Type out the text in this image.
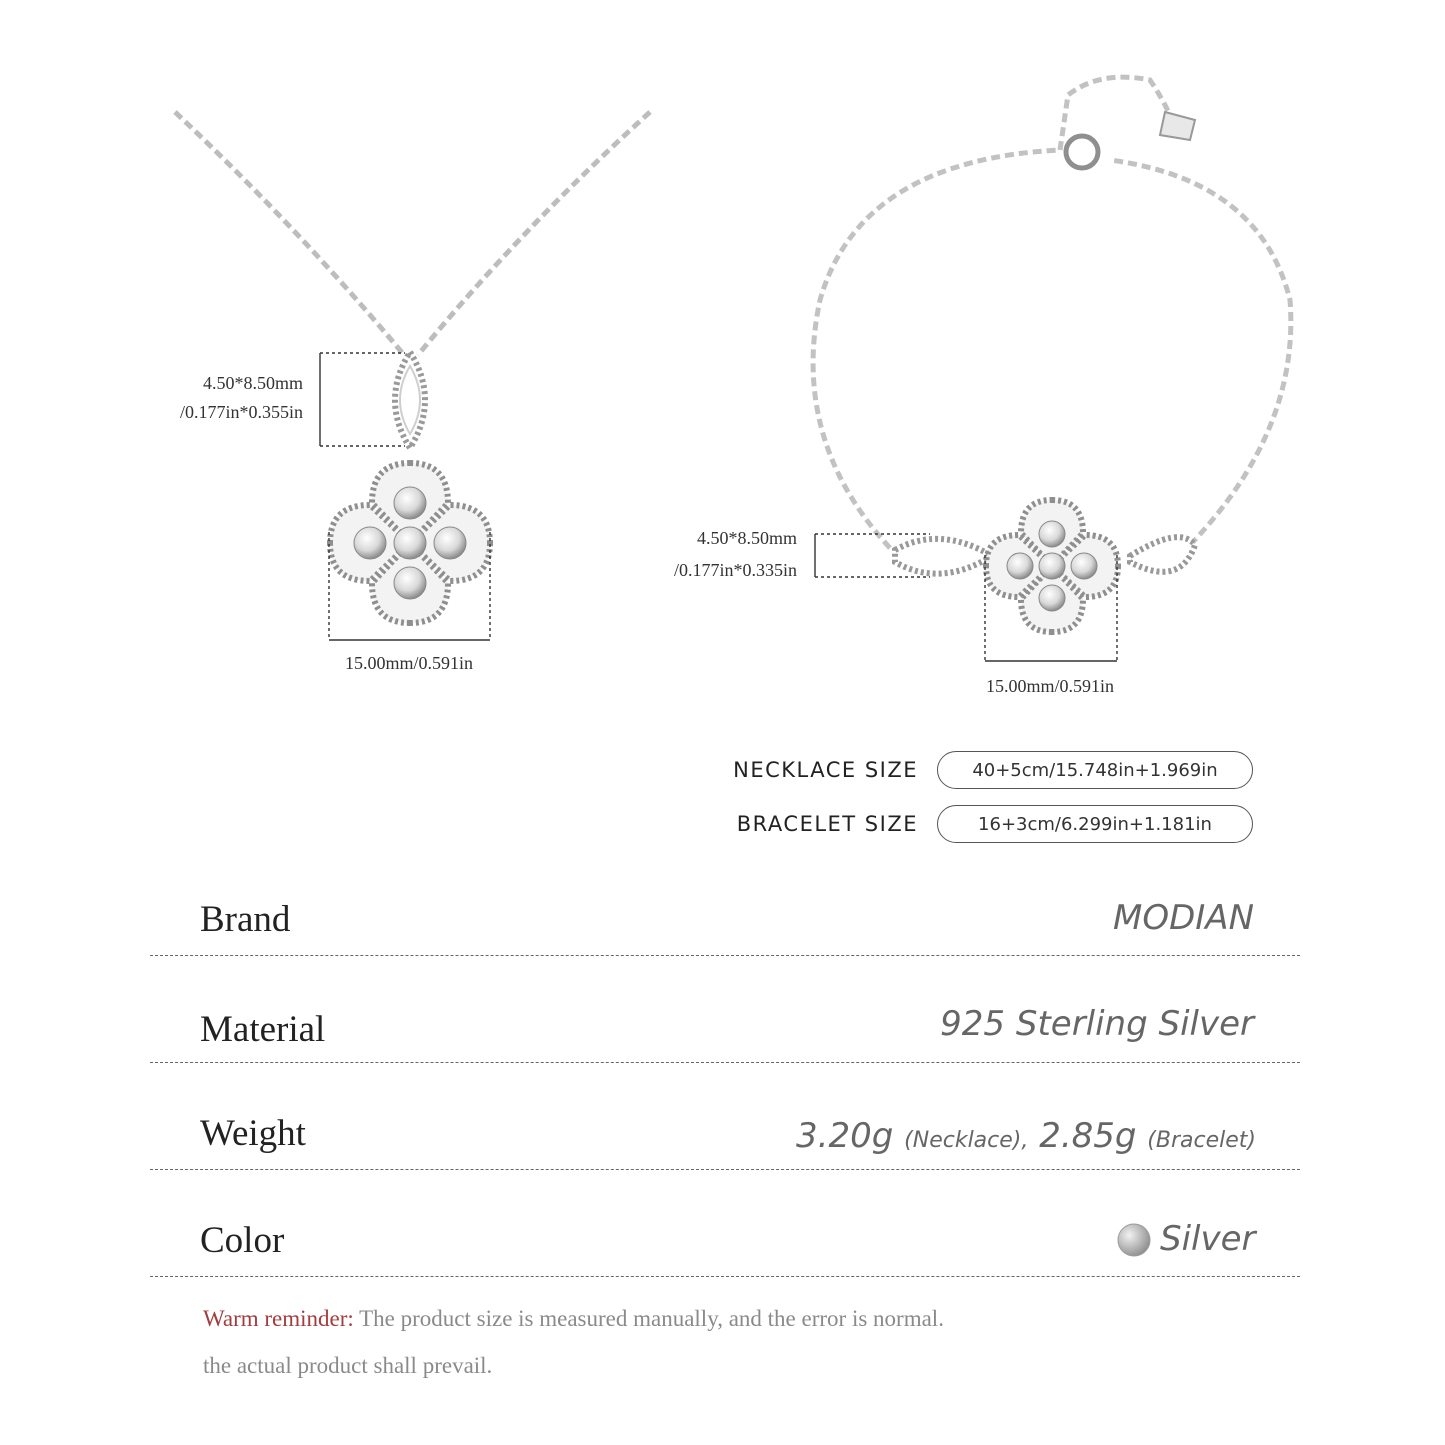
4.50*8.50mm
/0.177in*0.355in
15.00mm/0.591in
4.50*8.50mm
/0.177in*0.335in
15.00mm/0.591in
NECKLACE SIZE	40+5cm/15.748in+1.969in
BRACELET SIZE	16+3cm/6.299in+1.181in
Brand	MODIAN
Material	925 Sterling Silver
Weight	3.20g (Necklace), 2.85g (Bracelet)
Color	Silver
Warm reminder: The product size is measured manually, and the error is normal.
the actual product shall prevail.
